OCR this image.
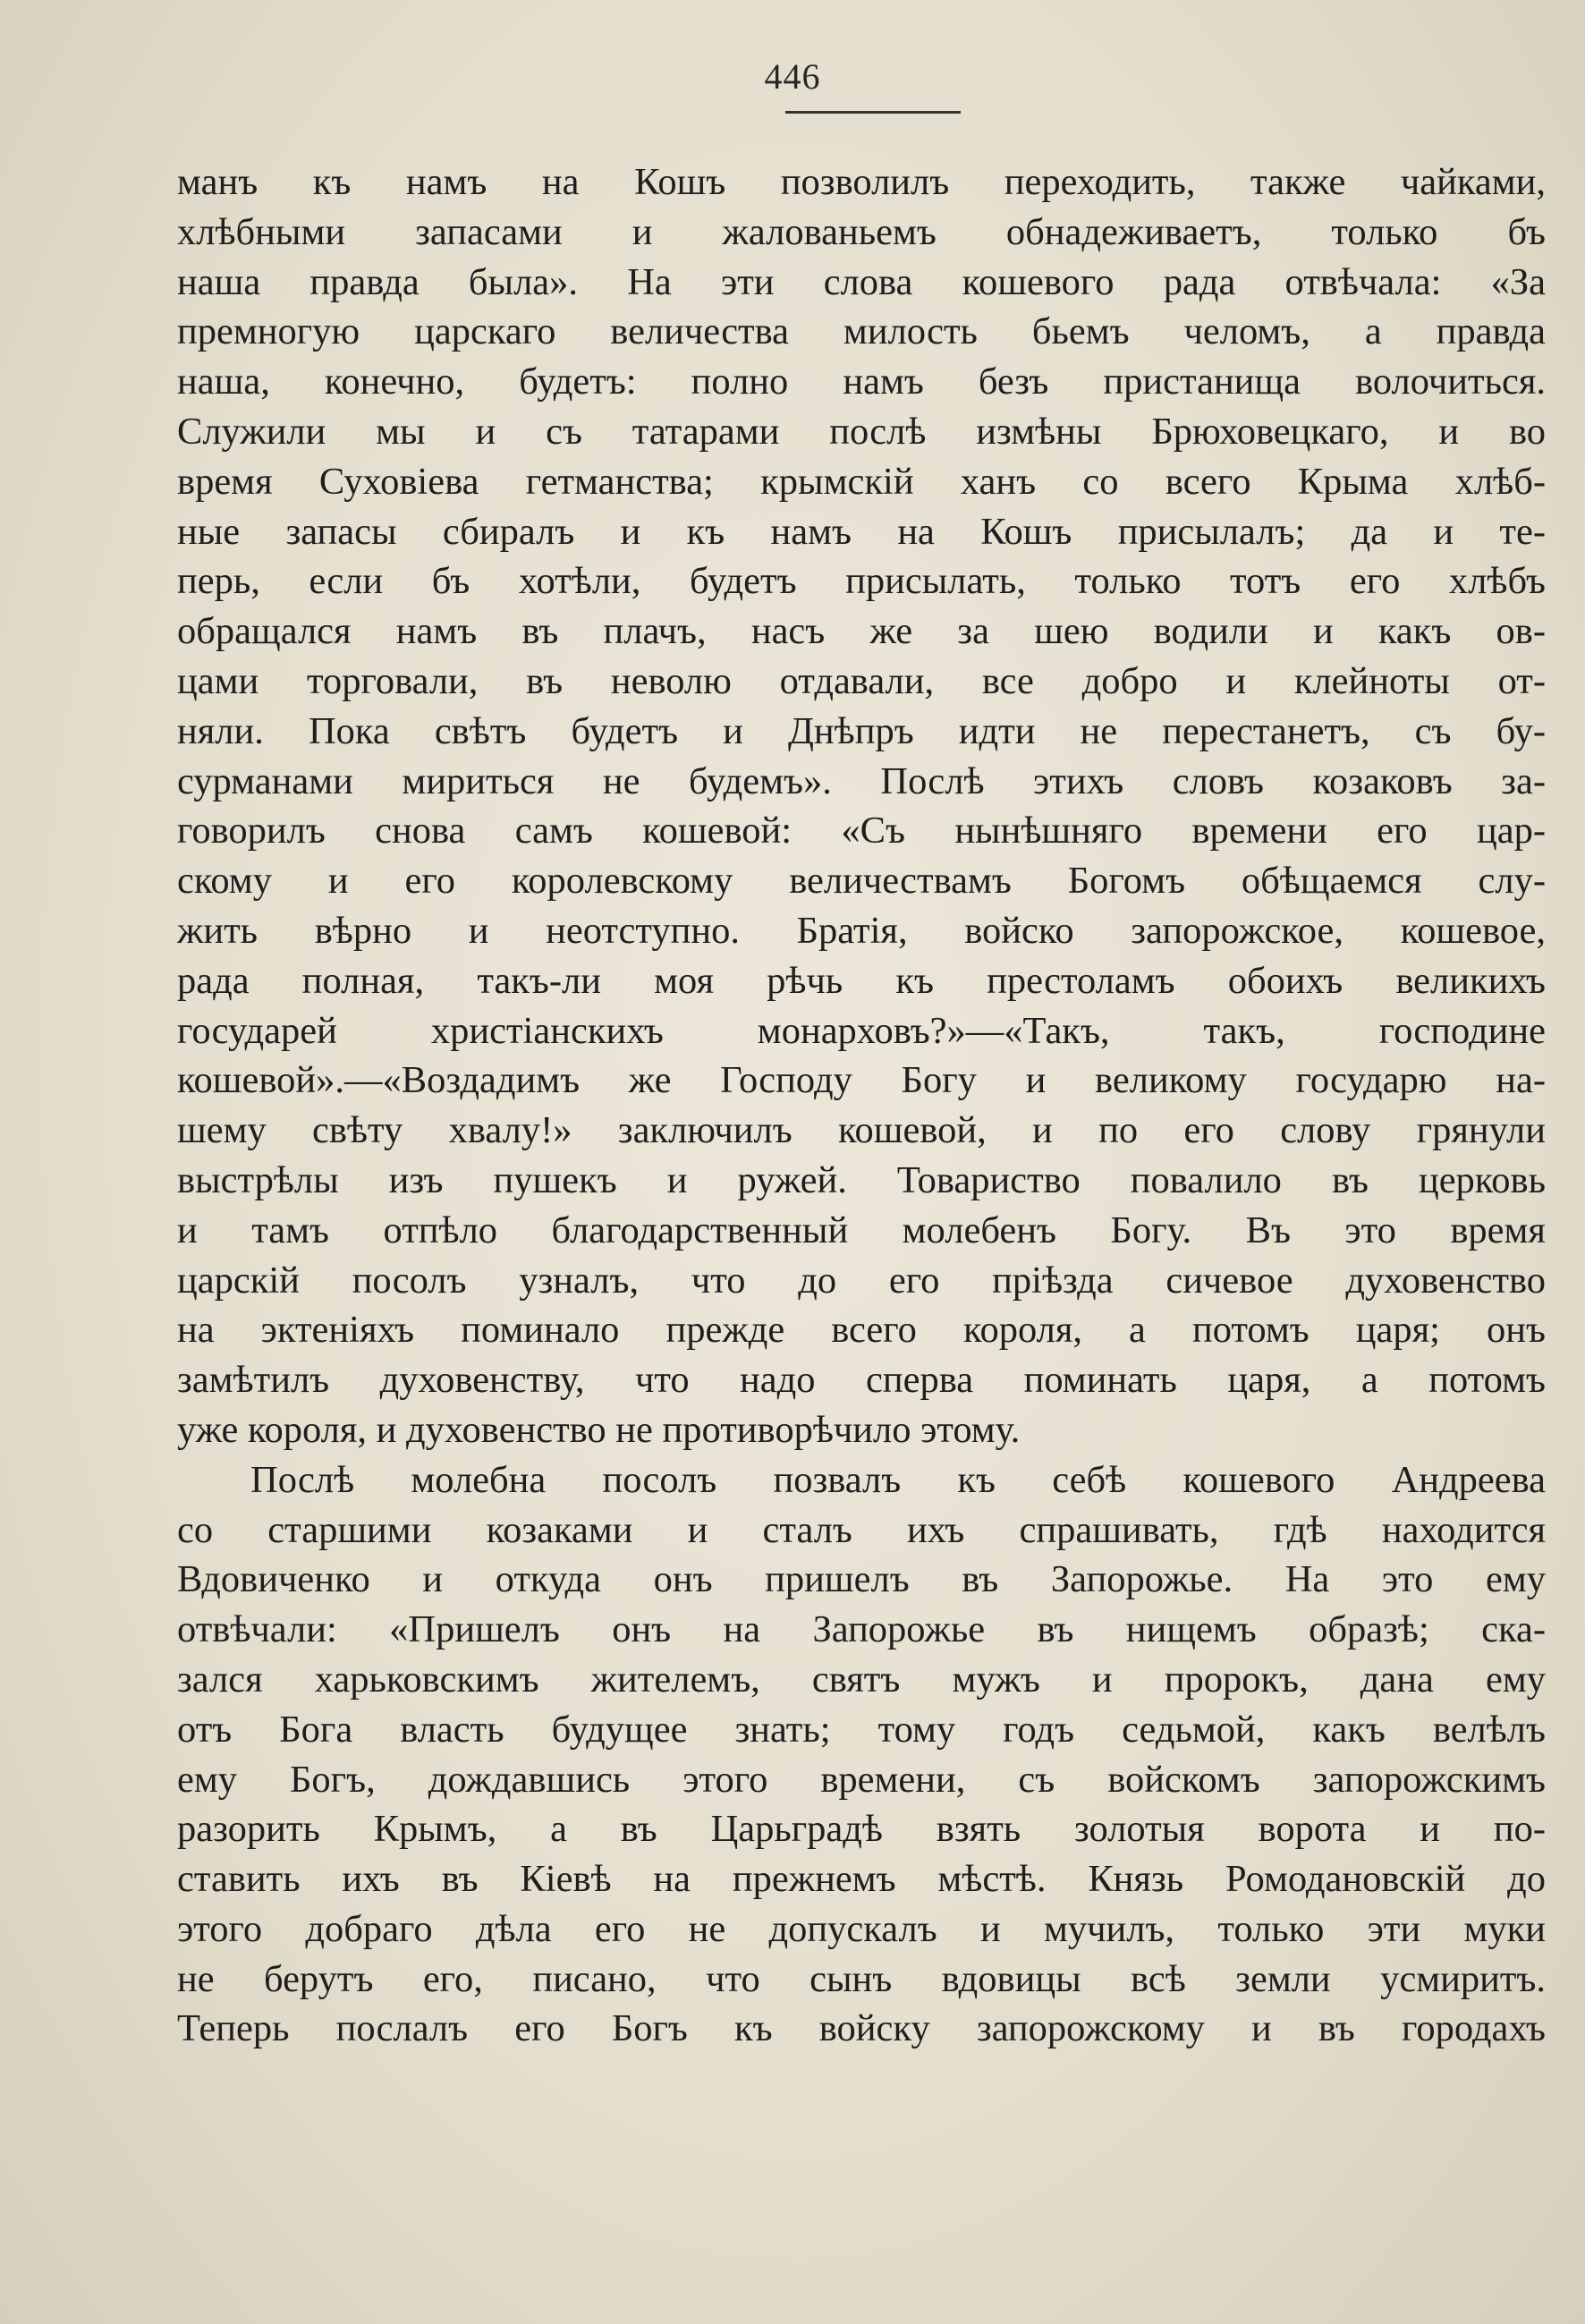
446
манъ къ намъ на Кошъ позволилъ переходить, также чайками,
хлѣбными запасами и жалованьемъ обнадеживаетъ, только бъ
наша правда была». На эти слова кошевого рада отвѣчала: «За
премногую царскаго величества милость бьемъ челомъ, а правда
наша, конечно, будетъ: полно намъ безъ пристанища волочиться.
Служили мы и съ татарами послѣ измѣны Брюховецкаго, и во
время Суховіева гетманства; крымскій ханъ со всего Крыма хлѣб-
ные запасы сбиралъ и къ намъ на Кошъ присылалъ; да и те-
перь, если бъ хотѣли, будетъ присылать, только тотъ его хлѣбъ
обращался намъ въ плачъ, насъ же за шею водили и какъ ов-
цами торговали, въ неволю отдавали, все добро и клейноты от-
няли. Пока свѣтъ будетъ и Днѣпръ идти не перестанетъ, съ бу-
сурманами мириться не будемъ». Послѣ этихъ словъ козаковъ за-
говорилъ снова самъ кошевой: «Съ нынѣшняго времени его цар-
скому и его королевскому величествамъ Богомъ обѣщаемся слу-
жить вѣрно и неотступно. Братія, войско запорожское, кошевое,
рада полная, такъ-ли моя рѣчь къ престоламъ обоихъ великихъ
государей христіанскихъ монарховъ?»—«Такъ, такъ, господине
кошевой».—«Воздадимъ же Господу Богу и великому государю на-
шему свѣту хвалу!» заключилъ кошевой, и по его слову грянули
выстрѣлы изъ пушекъ и ружей. Товариство повалило въ церковь
и тамъ отпѣло благодарственный молебенъ Богу. Въ это время
царскій посолъ узналъ, что до его пріѣзда сичевое духовенство
на эктеніяхъ поминало прежде всего короля, а потомъ царя; онъ
замѣтилъ духовенству, что надо сперва поминать царя, а потомъ
уже короля, и духовенство не противорѣчило этому.
Послѣ молебна посолъ позвалъ къ себѣ кошевого Андреева
со старшими козаками и сталъ ихъ спрашивать, гдѣ находится
Вдовиченко и откуда онъ пришелъ въ Запорожье. На это ему
отвѣчали: «Пришелъ онъ на Запорожье въ нищемъ образѣ; ска-
зался харьковскимъ жителемъ, святъ мужъ и пророкъ, дана ему
отъ Бога власть будущее знать; тому годъ седьмой, какъ велѣлъ
ему Богъ, дождавшись этого времени, съ войскомъ запорожскимъ
разорить Крымъ, а въ Царьградѣ взять золотыя ворота и по-
ставить ихъ въ Кіевѣ на прежнемъ мѣстѣ. Князь Ромодановскій до
этого добраго дѣла его не допускалъ и мучилъ, только эти муки
не берутъ его, писано, что сынъ вдовицы всѣ земли усмиритъ.
Теперь послалъ его Богъ къ войску запорожскому и въ городахъ
